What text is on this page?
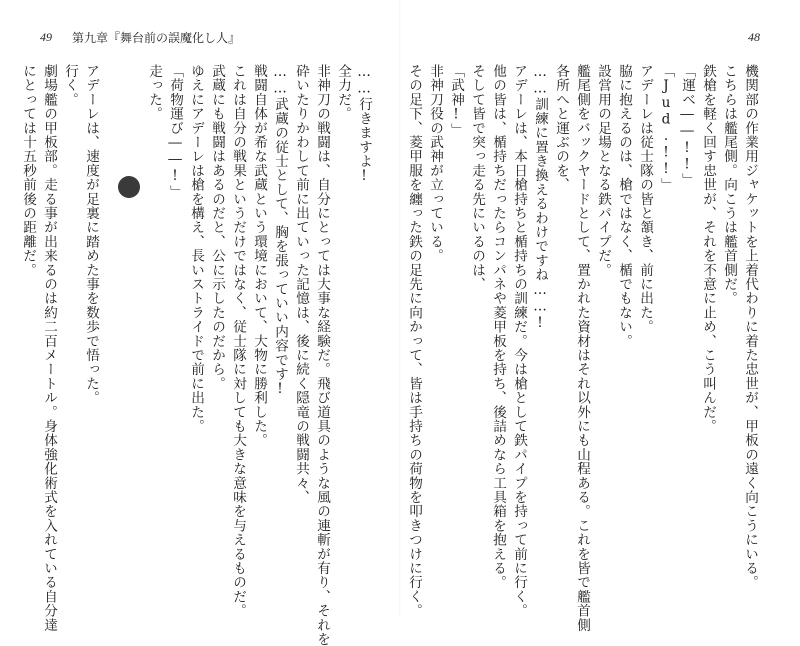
49 第九章『舞台前の誤魔化し人』	48

機関部の作業用ジャケットを上着代わりに着た忠世が、甲板の遠く向こうにいる。

こちらは艦尾側。向こうは艦首側だ。

鉄槍を軽く回す忠世が、それを不意に止め、こう叫んだ。

「運べ――!!」

「Jud.!!」

アデーレは従士隊の皆と頷き、前に出た。

脇に抱えるのは、槍ではなく、楯でもない。

設営用の足場となる鉄パイプだ。

艦尾側をバックヤードとして、置かれた資材はそれ以外にも山程ある。これを皆で艦首側

各所へと運ぶのを、

……訓練に置き換えるわけですね……!

アデーレは、本日槍持ちと楯持ちの訓練だ。今は槍として鉄パイプを持って前に行く。

他の皆は、楯持ちだったらコンパネや菱甲板を持ち、後詰めなら工具箱を抱える。

そして皆で突っ走る先にいるのは、

「武神!」

非神刀役の武神が立っている。

その足下、菱甲服を纏った鉄の足先に向かって、皆は手持ちの荷物を叩きつけに行く。

……行きますよ!

全力だ。

非神刀の戦闘は、自分にとっては大事な経験だ。飛び道具のような風の連斬が有り、それを

砕いたりかわして前に出ていった記憶は、後に続く隠竜の戦闘共々、

……武蔵の従士として、胸を張っていい内容です!

戦闘自体が希な武蔵という環境において、大物に勝利した。

これは自分の戦果というだけではなく、従士隊に対しても大きな意味を与えるものだ。

武蔵にも戦闘はあるのだと、公に示したのだから。

ゆえにアデーレは槍を構え、長いストライドで前に出た。

「荷物運び――!」

走った。

アデーレは、速度が足裏に踏めた事を数歩で悟った。

行く。

劇場艦の甲板部。走る事が出来るのは約二百メートル。身体強化術式を入れている自分達

にとっては十五秒前後の距離だ。
